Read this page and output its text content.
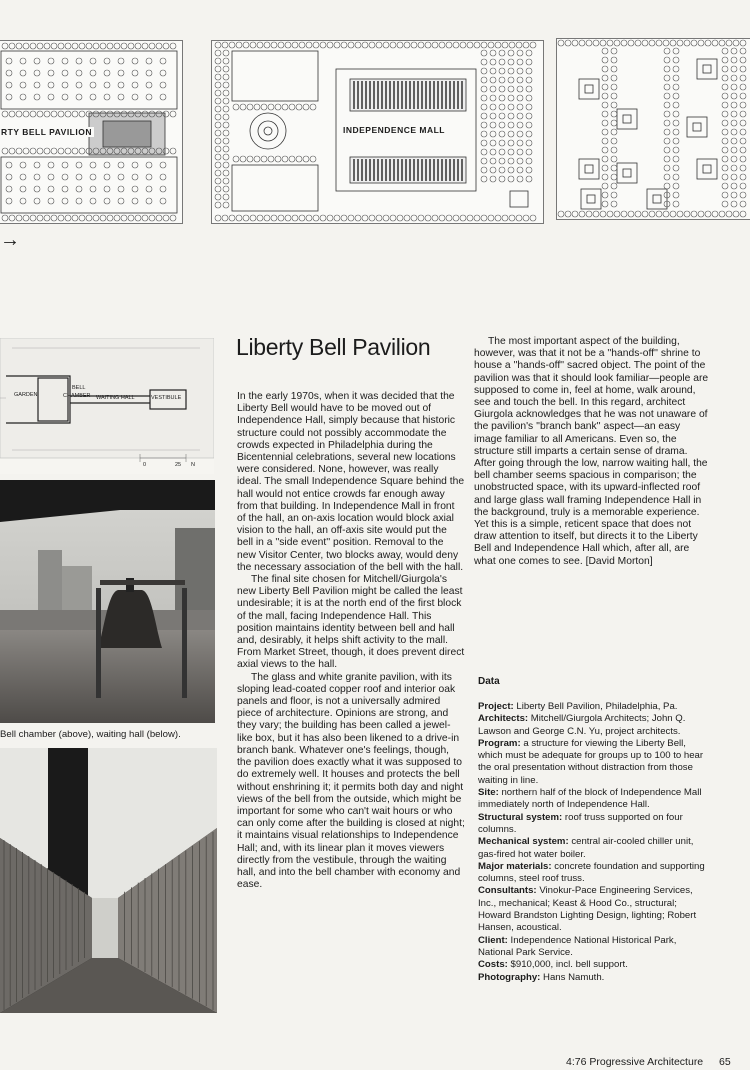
RTY BELL PAVILION	INDEPENDENCE MALL
→
GARDEN
BELL
CHAMBER WAITING HALL	VESTIBULE
0	25 N
Bell chamber (above), waiting hall (below).
Liberty Bell Pavilion

In the early 1970s, when it was decided that the Liberty Bell would have to be moved out of Independence Hall, simply because that historic structure could not possibly accommodate the crowds expected in Philadelphia during the Bicentennial celebrations, several new locations were considered. None, however, was really ideal. The small Independence Square behind the hall would not entice crowds far enough away from that building. In Independence Mall in front of the hall, an on-axis location would block axial vision to the hall, an off-axis site would put the bell in a ''side event'' position. Removal to the new Visitor Center, two blocks away, would deny the necessary association of the bell with the hall.

The final site chosen for Mitchell/Giurgola's new Liberty Bell Pavilion might be called the least undesirable; it is at the north end of the first block of the mall, facing Independence Hall. This position maintains identity between bell and hall and, desirably, it helps shift activity to the mall. From Market Street, though, it does prevent direct axial views to the hall.

The glass and white granite pavilion, with its sloping lead-coated copper roof and interior oak panels and floor, is not a universally admired piece of architecture. Opinions are strong, and they vary; the building has been called a jewel-like box, but it has also been likened to a drive-in branch bank. Whatever one's feelings, though, the pavilion does exactly what it was supposed to do extremely well. It houses and protects the bell without enshrining it; it permits both day and night views of the bell from the outside, which might be important for some who can't wait hours or who can only come after the building is closed at night; it maintains visual relationships to Independence Hall; and, with its linear plan it moves viewers directly from the vestibule, through the waiting hall, and into the bell chamber with economy and ease.

The most important aspect of the building, however, was that it not be a ''hands-off'' shrine to house a ''hands-off'' sacred object. The point of the pavilion was that it should look familiar—people are supposed to come in, feel at home, walk around, see and touch the bell. In this regard, architect Giurgola acknowledges that he was not unaware of the pavilion's ''branch bank'' aspect—an easy image familiar to all Americans. Even so, the structure still imparts a certain sense of drama. After going through the low, narrow waiting hall, the bell chamber seems spacious in comparison; the unobstructed space, with its upward-inflected roof and large glass wall framing Independence Hall in the background, truly is a memorable experience. Yet this is a simple, reticent space that does not draw attention to itself, but directs it to the Liberty Bell and Independence Hall which, after all, are what one comes to see. [David Morton]

Data

Project: Liberty Bell Pavilion, Philadelphia, Pa.

Architects: Mitchell/Giurgola Architects; John Q. Lawson and George C.N. Yu, project architects.

Program: a structure for viewing the Liberty Bell, which must be adequate for groups up to 100 to hear the oral presentation without distraction from those waiting in line.

Site: northern half of the block of Independence Mall immediately north of Independence Hall.

Structural system: roof truss supported on four columns.

Mechanical system: central air-cooled chiller unit, gas-fired hot water boiler.

Major materials: concrete foundation and supporting columns, steel roof truss.

Consultants: Vinokur-Pace Engineering Services, Inc., mechanical; Keast & Hood Co., structural; Howard Brandston Lighting Design, lighting; Robert Hansen, acoustical.

Client: Independence National Historical Park, National Park Service.

Costs: $910,000, incl. bell support.

Photography: Hans Namuth.

4:76 Progressive Architecture 65
